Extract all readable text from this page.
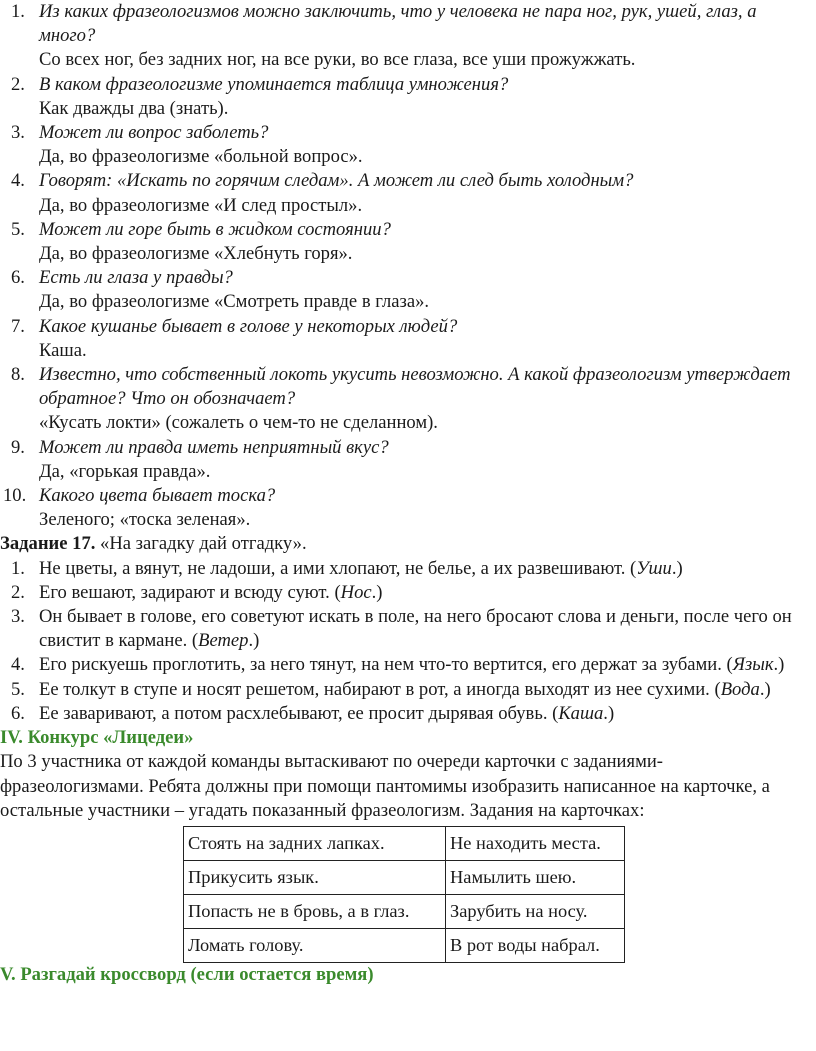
1. Из каких фразеологизмов можно заключить, что у человека не пара ног, рук, ушей, глаз, а много?
Со всех ног, без задних ног, на все руки, во все глаза, все уши прожужжать.
2. В каком фразеологизме упоминается таблица умножения?
Как дважды два (знать).
3. Может ли вопрос заболеть?
Да, во фразеологизме «больной вопрос».
4. Говорят: «Искать по горячим следам». А может ли след быть холодным?
Да, во фразеологизме «И след простыл».
5. Может ли горе быть в жидком состоянии?
Да, во фразеологизме «Хлебнуть горя».
6. Есть ли глаза у правды?
Да, во фразеологизме «Смотреть правде в глаза».
7. Какое кушанье бывает в голове у некоторых людей?
Каша.
8. Известно, что собственный локоть укусить невозможно. А какой фразеологизм утверждает обратное? Что он обозначает?
«Кусать локти» (сожалеть о чем-то не сделанном).
9. Может ли правда иметь неприятный вкус?
Да, «горькая правда».
10. Какого цвета бывает тоска?
Зеленого; «тоска зеленая».
Задание 17. «На загадку дай отгадку».
1. Не цветы, а вянут, не ладоши, а ими хлопают, не белье, а их развешивают. (Уши.)
2. Его вешают, задирают и всюду суют. (Нос.)
3. Он бывает в голове, его советуют искать в поле, на него бросают слова и деньги, после чего он свистит в кармане. (Ветер.)
4. Его рискуешь проглотить, за него тянут, на нем что-то вертится, его держат за зубами. (Язык.)
5. Ее толкут в ступе и носят решетом, набирают в рот, а иногда выходят из нее сухими. (Вода.)
6. Ее заваривают, а потом расхлебывают, ее просит дырявая обувь. (Каша.)
IV. Конкурс «Лицедеи»

По 3 участника от каждой команды вытаскивают по очереди карточки с заданиями-фразеологизмами. Ребята должны при помощи пантомимы изобразить написанное на карточке, а остальные участники – угадать показанный фразеологизм. Задания на карточках:

Стоять на задних лапках.	Не находить места.
Прикусить язык.	Намылить шею.
Попасть не в бровь, а в глаз.	Зарубить на носу.
Ломать голову.	В рот воды набрал.
V. Разгадай кроссворд (если остается время)
